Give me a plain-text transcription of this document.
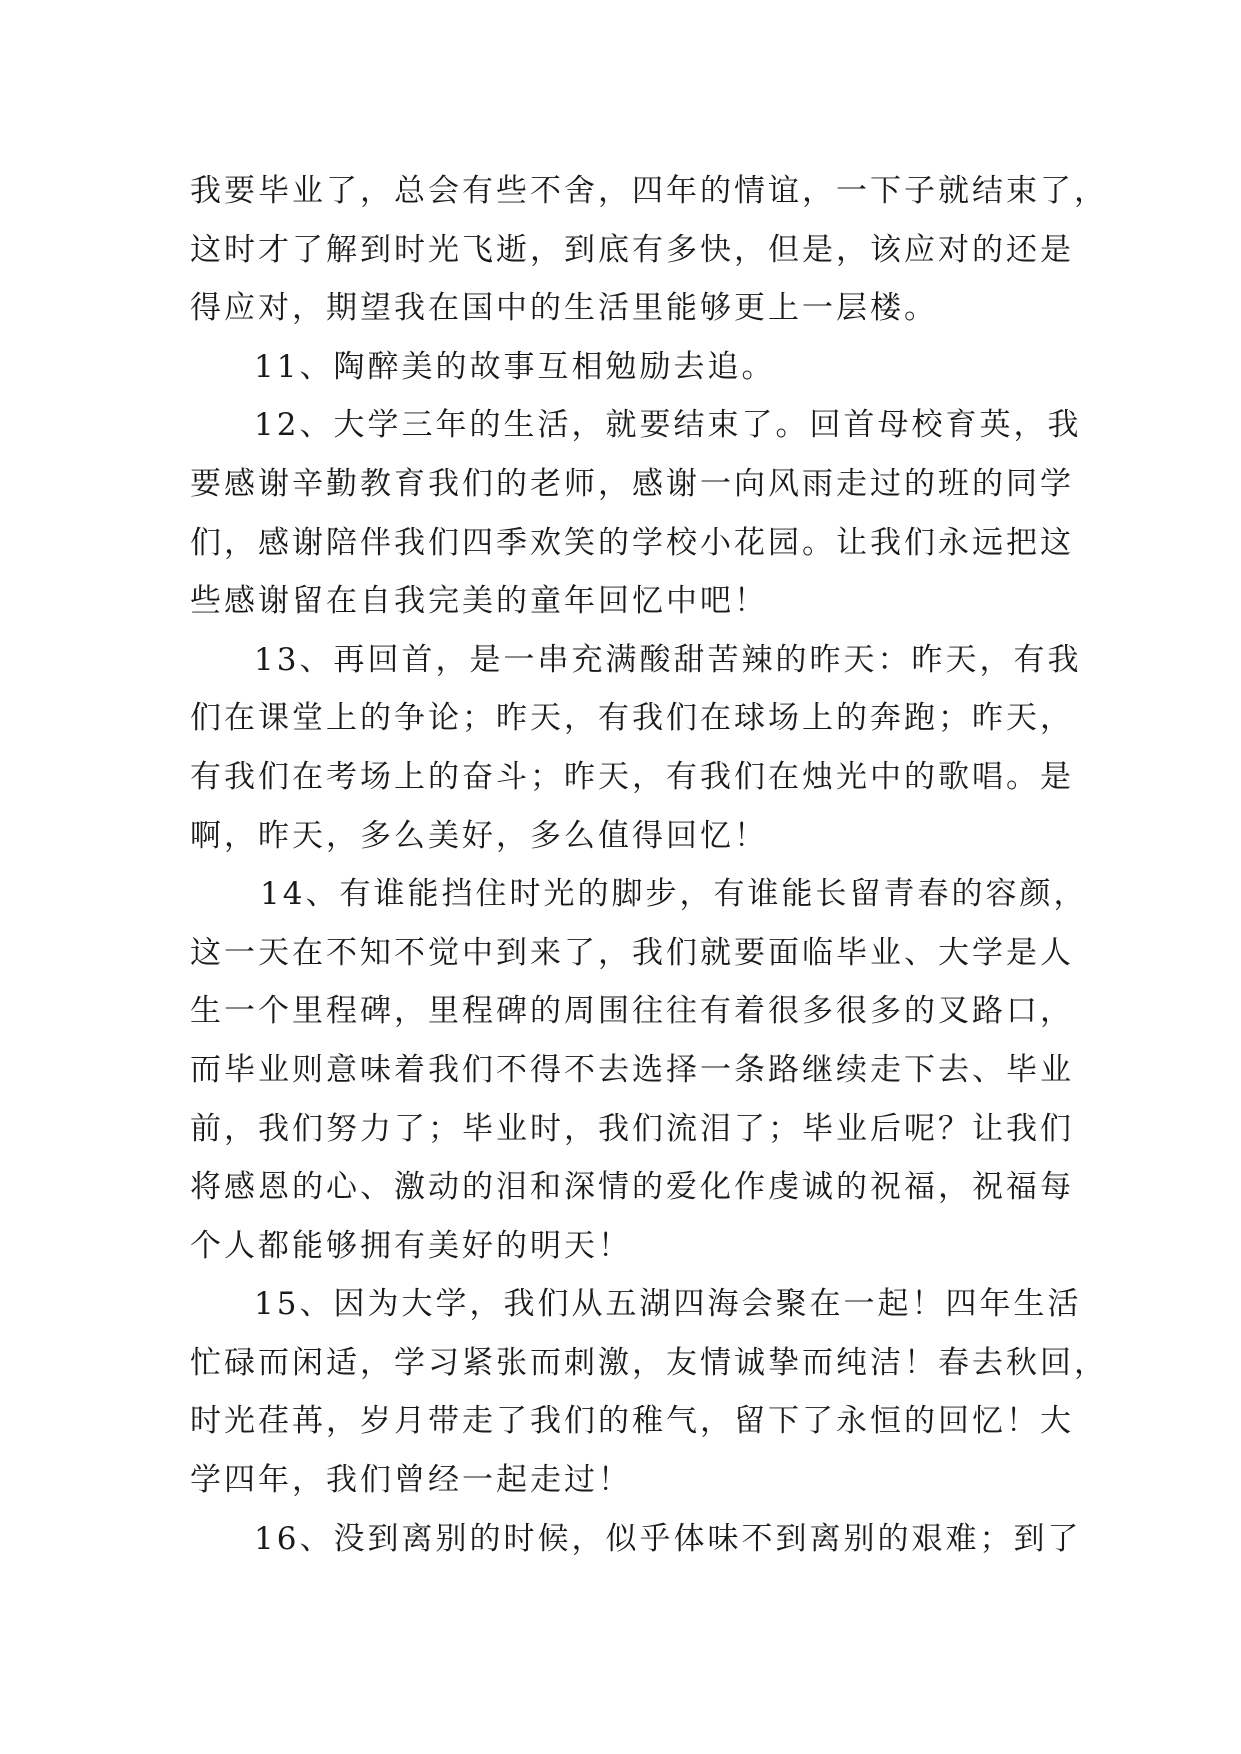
我要毕业了，总会有些不舍，四年的情谊，一下子就结束了，
这时才了解到时光飞逝，到底有多快，但是，该应对的还是
得应对，期望我在国中的生活里能够更上一层楼。
11、陶醉美的故事互相勉励去追。
12、大学三年的生活，就要结束了。回首母校育英，我
要感谢辛勤教育我们的老师，感谢一向风雨走过的班的同学
们，感谢陪伴我们四季欢笑的学校小花园。让我们永远把这
些感谢留在自我完美的童年回忆中吧！
13、再回首，是一串充满酸甜苦辣的昨天：昨天，有我
们在课堂上的争论；昨天，有我们在球场上的奔跑；昨天，
有我们在考场上的奋斗；昨天，有我们在烛光中的歌唱。是
啊，昨天，多么美好，多么值得回忆！
14、有谁能挡住时光的脚步，有谁能长留青春的容颜，
这一天在不知不觉中到来了，我们就要面临毕业、大学是人
生一个里程碑，里程碑的周围往往有着很多很多的叉路口，
而毕业则意味着我们不得不去选择一条路继续走下去、毕业
前，我们努力了；毕业时，我们流泪了；毕业后呢？让我们
将感恩的心、激动的泪和深情的爱化作虔诚的祝福，祝福每
个人都能够拥有美好的明天！
15、因为大学，我们从五湖四海会聚在一起！四年生活
忙碌而闲适，学习紧张而刺激，友情诚挚而纯洁！春去秋回，
时光荏苒，岁月带走了我们的稚气，留下了永恒的回忆！大
学四年，我们曾经一起走过！
16、没到离别的时候，似乎体味不到离别的艰难；到了
